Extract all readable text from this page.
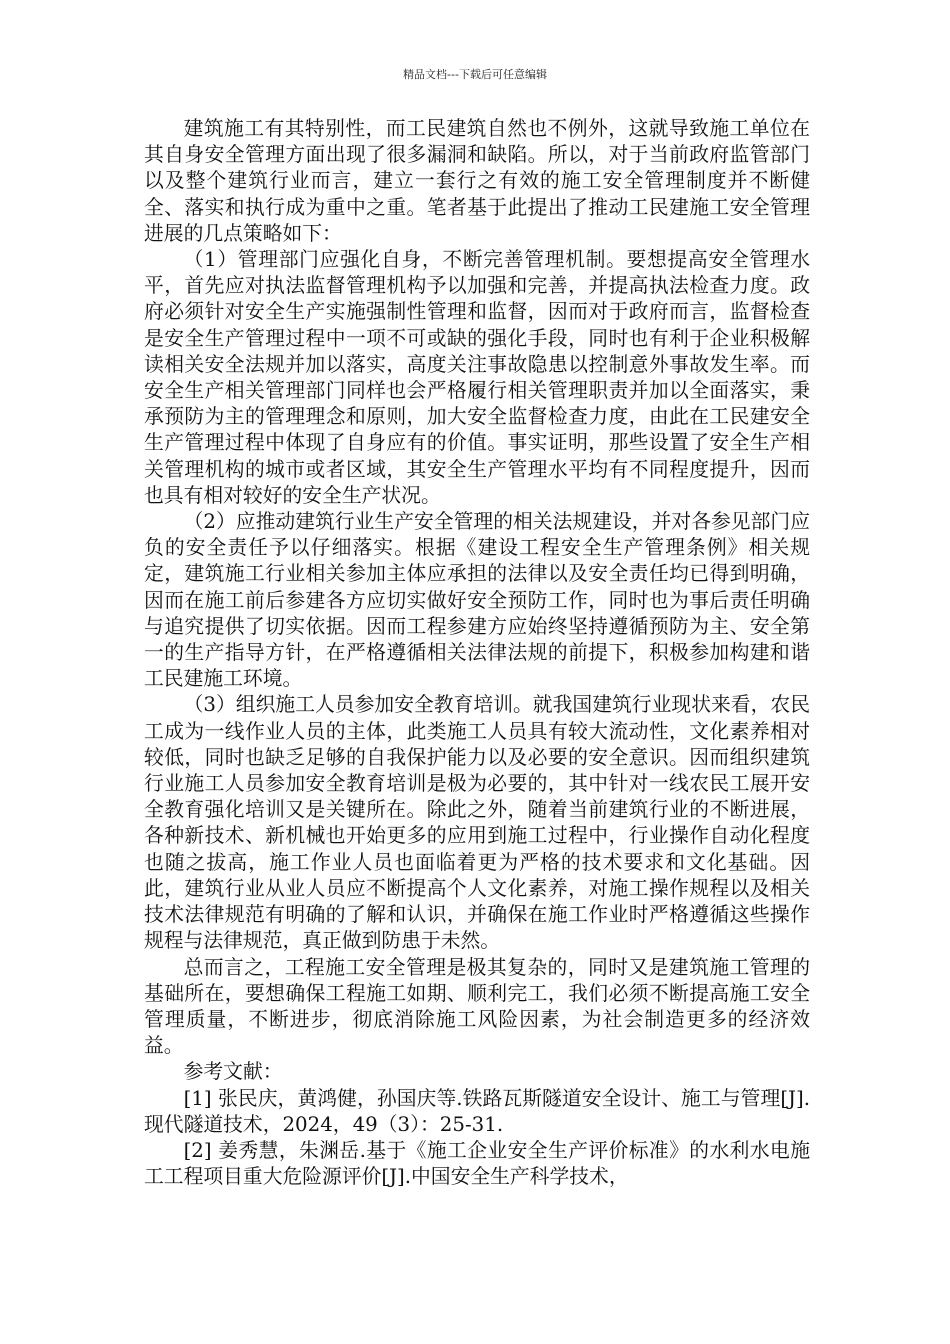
精品文档---下载后可任意编辑

建筑施工有其特别性，而工民建筑自然也不例外，这就导致施工单位在其自身安全管理方面出现了很多漏洞和缺陷。所以，对于当前政府监管部门以及整个建筑行业而言，建立一套行之有效的施工安全管理制度并不断健全、落实和执行成为重中之重。笔者基于此提出了推动工民建施工安全管理进展的几点策略如下：

（1）管理部门应强化自身，不断完善管理机制。要想提高安全管理水平，首先应对执法监督管理机构予以加强和完善，并提高执法检查力度。政府必须针对安全生产实施强制性管理和监督，因而对于政府而言，监督检查是安全生产管理过程中一项不可或缺的强化手段，同时也有利于企业积极解读相关安全法规并加以落实，高度关注事故隐患以控制意外事故发生率。而安全生产相关管理部门同样也会严格履行相关管理职责并加以全面落实，秉承预防为主的管理理念和原则，加大安全监督检查力度，由此在工民建安全生产管理过程中体现了自身应有的价值。事实证明，那些设置了安全生产相关管理机构的城市或者区域，其安全生产管理水平均有不同程度提升，因而也具有相对较好的安全生产状况。

（2）应推动建筑行业生产安全管理的相关法规建设，并对各参见部门应负的安全责任予以仔细落实。根据《建设工程安全生产管理条例》相关规定，建筑施工行业相关参加主体应承担的法律以及安全责任均已得到明确，因而在施工前后参建各方应切实做好安全预防工作，同时也为事后责任明确与追究提供了切实依据。因而工程参建方应始终坚持遵循预防为主、安全第一的生产指导方针，在严格遵循相关法律法规的前提下，积极参加构建和谐工民建施工环境。

（3）组织施工人员参加安全教育培训。就我国建筑行业现状来看，农民工成为一线作业人员的主体，此类施工人员具有较大流动性，文化素养相对较低，同时也缺乏足够的自我保护能力以及必要的安全意识。因而组织建筑行业施工人员参加安全教育培训是极为必要的，其中针对一线农民工展开安全教育强化培训又是关键所在。除此之外，随着当前建筑行业的不断进展，各种新技术、新机械也开始更多的应用到施工过程中，行业操作自动化程度也随之拔高，施工作业人员也面临着更为严格的技术要求和文化基础。因此，建筑行业从业人员应不断提高个人文化素养，对施工操作规程以及相关技术法律规范有明确的了解和认识，并确保在施工作业时严格遵循这些操作规程与法律规范，真正做到防患于未然。

总而言之，工程施工安全管理是极其复杂的，同时又是建筑施工管理的基础所在，要想确保工程施工如期、顺利完工，我们必须不断提高施工安全管理质量，不断进步，彻底消除施工风险因素，为社会制造更多的经济效益。

参考文献：

[1] 张民庆，黄鸿健，孙国庆等.铁路瓦斯隧道安全设计、施工与管理[J].现代隧道技术，2024，49（3）：25-31.

[2] 姜秀慧，朱渊岳.基于《施工企业安全生产评价标准》的水利水电施工工程项目重大危险源评价[J].中国安全生产科学技术，
